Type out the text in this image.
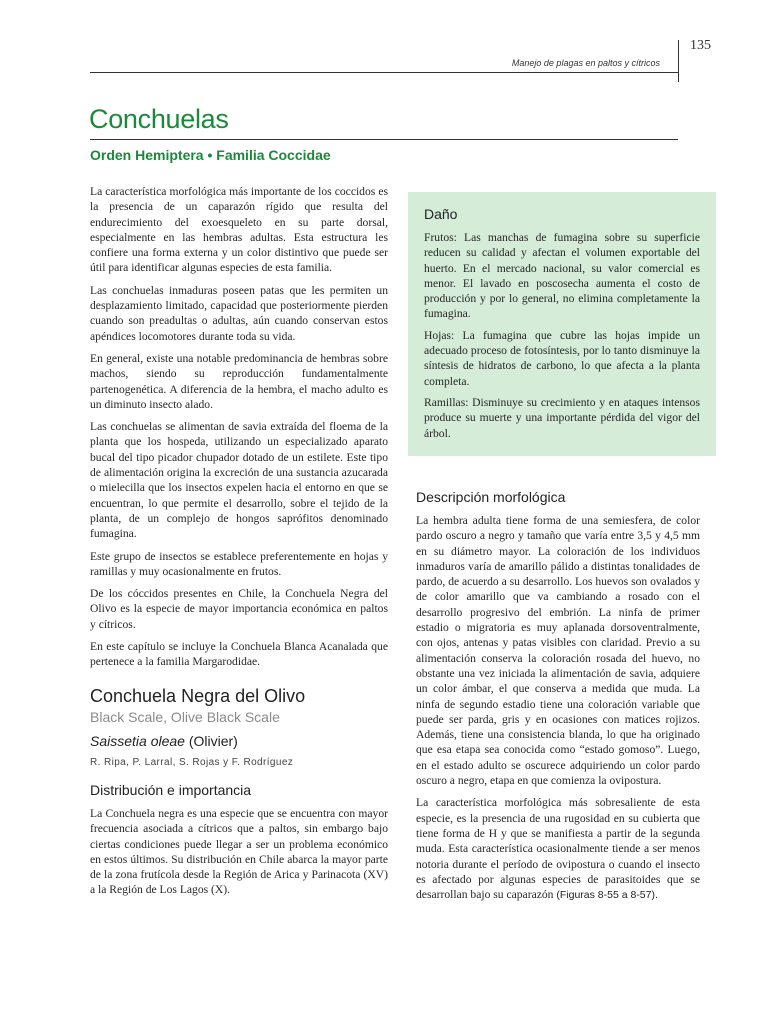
135
Manejo de plagas en paltos y cítricos
Conchuelas
Orden Hemiptera • Familia Coccidae

La característica morfológica más importante de los coccidos es la presencia de un caparazón rígido que resulta del endurecimiento del exoesqueleto en su parte dorsal, especialmente en las hembras adultas. Esta estructura les confiere una forma externa y un color distintivo que puede ser útil para identificar algunas especies de esta familia.

Las conchuelas inmaduras poseen patas que les permiten un desplazamiento limitado, capacidad que posteriormente pierden cuando son preadultas o adultas, aún cuando conservan estos apéndices locomotores durante toda su vida.

En general, existe una notable predominancia de hembras sobre machos, siendo su reproducción fundamentalmente partenogenética. A diferencia de la hembra, el macho adulto es un diminuto insecto alado.

Las conchuelas se alimentan de savia extraída del floema de la planta que los hospeda, utilizando un especializado aparato bucal del tipo picador chupador dotado de un estilete. Este tipo de alimentación origina la excreción de una sustancia azucarada o mielecilla que los insectos expelen hacia el entorno en que se encuentran, lo que permite el desarrollo, sobre el tejido de la planta, de un complejo de hongos saprófitos denominado fumagina.

Este grupo de insectos se establece preferentemente en hojas y ramillas y muy ocasionalmente en frutos.

De los cóccidos presentes en Chile, la Conchuela Negra del Olivo es la especie de mayor importancia económica en paltos y cítricos.

En este capítulo se incluye la Conchuela Blanca Acanalada que pertenece a la familia Margarodidae.

Conchuela Negra del Olivo
Black Scale, Olive Black Scale
Saissetia oleae (Olivier)
R. Ripa, P. Larral, S. Rojas y F. Rodríguez
Distribución e importancia

La Conchuela negra es una especie que se encuentra con mayor frecuencia asociada a cítricos que a paltos, sin embargo bajo ciertas condiciones puede llegar a ser un problema económico en estos últimos. Su distribución en Chile abarca la mayor parte de la zona frutícola desde la Región de Arica y Parinacota (XV) a la Región de Los Lagos (X).

Daño

Frutos: Las manchas de fumagina sobre su superficie reducen su calidad y afectan el volumen exportable del huerto. En el mercado nacional, su valor comercial es menor. El lavado en poscosecha aumenta el costo de producción y por lo general, no elimina completamente la fumagina.

Hojas: La fumagina que cubre las hojas impide un adecuado proceso de fotosíntesis, por lo tanto disminuye la síntesis de hidratos de carbono, lo que afecta a la planta completa.

Ramillas: Disminuye su crecimiento y en ataques intensos produce su muerte y una importante pérdida del vigor del árbol.

Descripción morfológica

La hembra adulta tiene forma de una semiesfera, de color pardo oscuro a negro y tamaño que varía entre 3,5 y 4,5 mm en su diámetro mayor. La coloración de los individuos inmaduros varía de amarillo pálido a distintas tonalidades de pardo, de acuerdo a su desarrollo. Los huevos son ovalados y de color amarillo que va cambiando a rosado con el desarrollo progresivo del embrión. La ninfa de primer estadio o migratoria es muy aplanada dorsoventralmente, con ojos, antenas y patas visibles con claridad. Previo a su alimentación conserva la coloración rosada del huevo, no obstante una vez iniciada la alimentación de savia, adquiere un color ámbar, el que conserva a medida que muda. La ninfa de segundo estadio tiene una coloración variable que puede ser parda, gris y en ocasiones con matices rojizos. Además, tiene una consistencia blanda, lo que ha originado que esa etapa sea conocida como “estado gomoso”. Luego, en el estado adulto se oscurece adquiriendo un color pardo oscuro a negro, etapa en que comienza la ovipostura.

La característica morfológica más sobresaliente de esta especie, es la presencia de una rugosidad en su cubierta que tiene forma de H y que se manifiesta a partir de la segunda muda. Esta característica ocasionalmente tiende a ser menos notoria durante el período de ovipostura o cuando el insecto es afectado por algunas especies de parasitoides que se desarrollan bajo su caparazón (Figuras 8-55 a 8-57).
